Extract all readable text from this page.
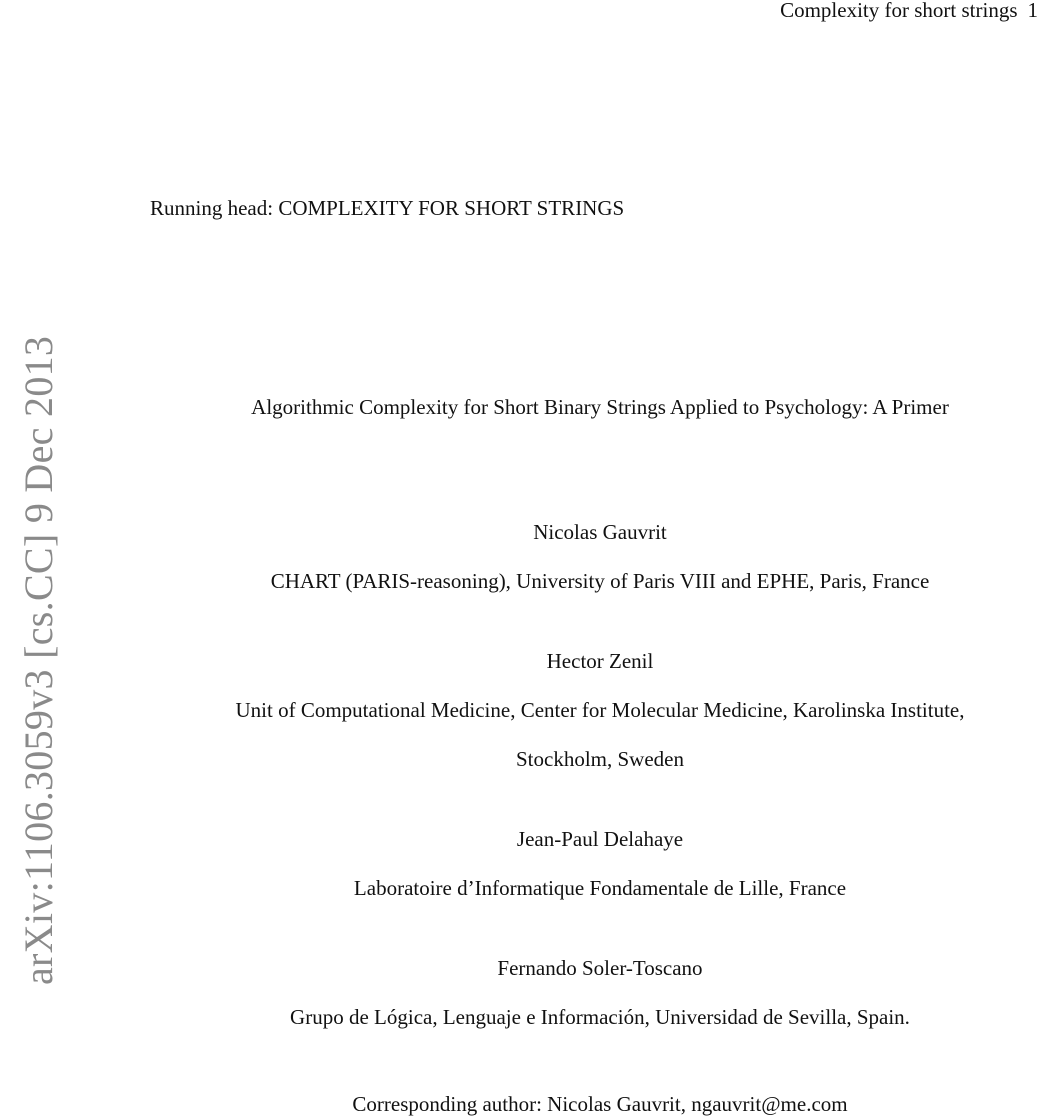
Complexity for short strings 1
Running head: COMPLEXITY FOR SHORT STRINGS
arXiv:1106.3059v3 [cs.CC] 9 Dec 2013	Algorithmic Complexity for Short Binary Strings Applied to Psychology: A Primer
Nicolas Gauvrit
CHART (PARIS-reasoning), University of Paris VIII and EPHE, Paris, France
Hector Zenil
Unit of Computational Medicine, Center for Molecular Medicine, Karolinska Institute,
Stockholm, Sweden
Jean-Paul Delahaye
Laboratoire d’Informatique Fondamentale de Lille, France
Fernando Soler-Toscano
Grupo de Lógica, Lenguaje e Información, Universidad de Sevilla, Spain.
Corresponding author: Nicolas Gauvrit, ngauvrit@me.com
